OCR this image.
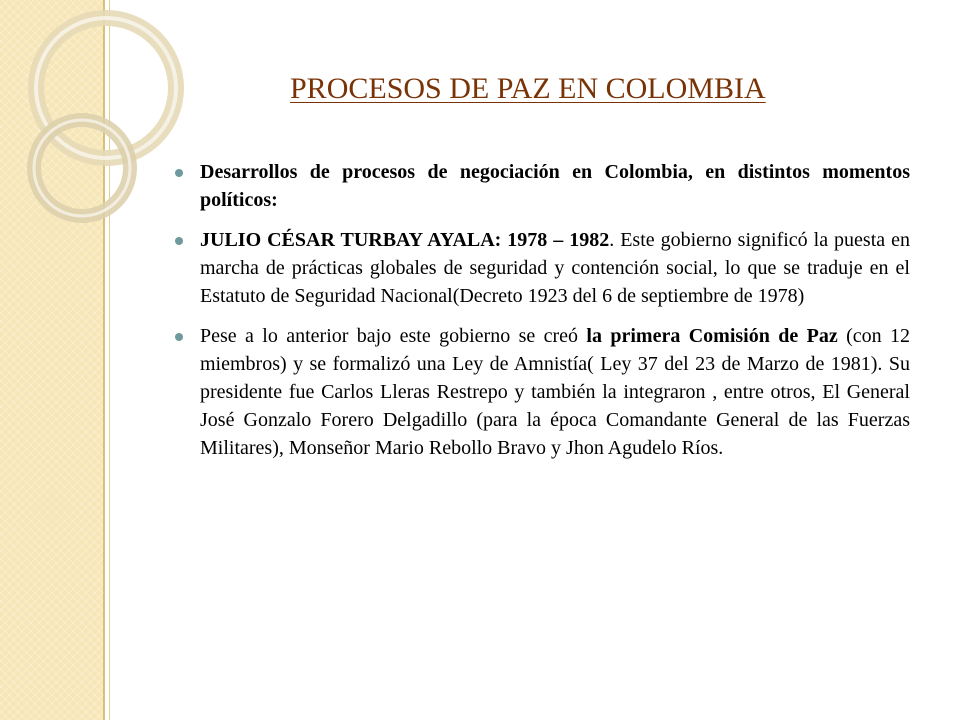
PROCESOS DE PAZ EN COLOMBIA
Desarrollos de procesos de negociación en Colombia, en distintos momentos políticos:
JULIO CÉSAR TURBAY AYALA: 1978 – 1982. Este gobierno significó la puesta en marcha de prácticas globales de seguridad y contención social, lo que se traduje en el Estatuto de Seguridad Nacional(Decreto 1923 del 6 de septiembre de 1978)
Pese a lo anterior bajo este gobierno se creó la primera Comisión de Paz (con 12 miembros) y se formalizó una Ley de Amnistía( Ley 37 del 23 de Marzo de 1981). Su presidente fue Carlos Lleras Restrepo y también la integraron , entre otros, El General José Gonzalo Forero Delgadillo (para la época Comandante General de las Fuerzas Militares), Monseñor Mario Rebollo Bravo y Jhon Agudelo Ríos.
